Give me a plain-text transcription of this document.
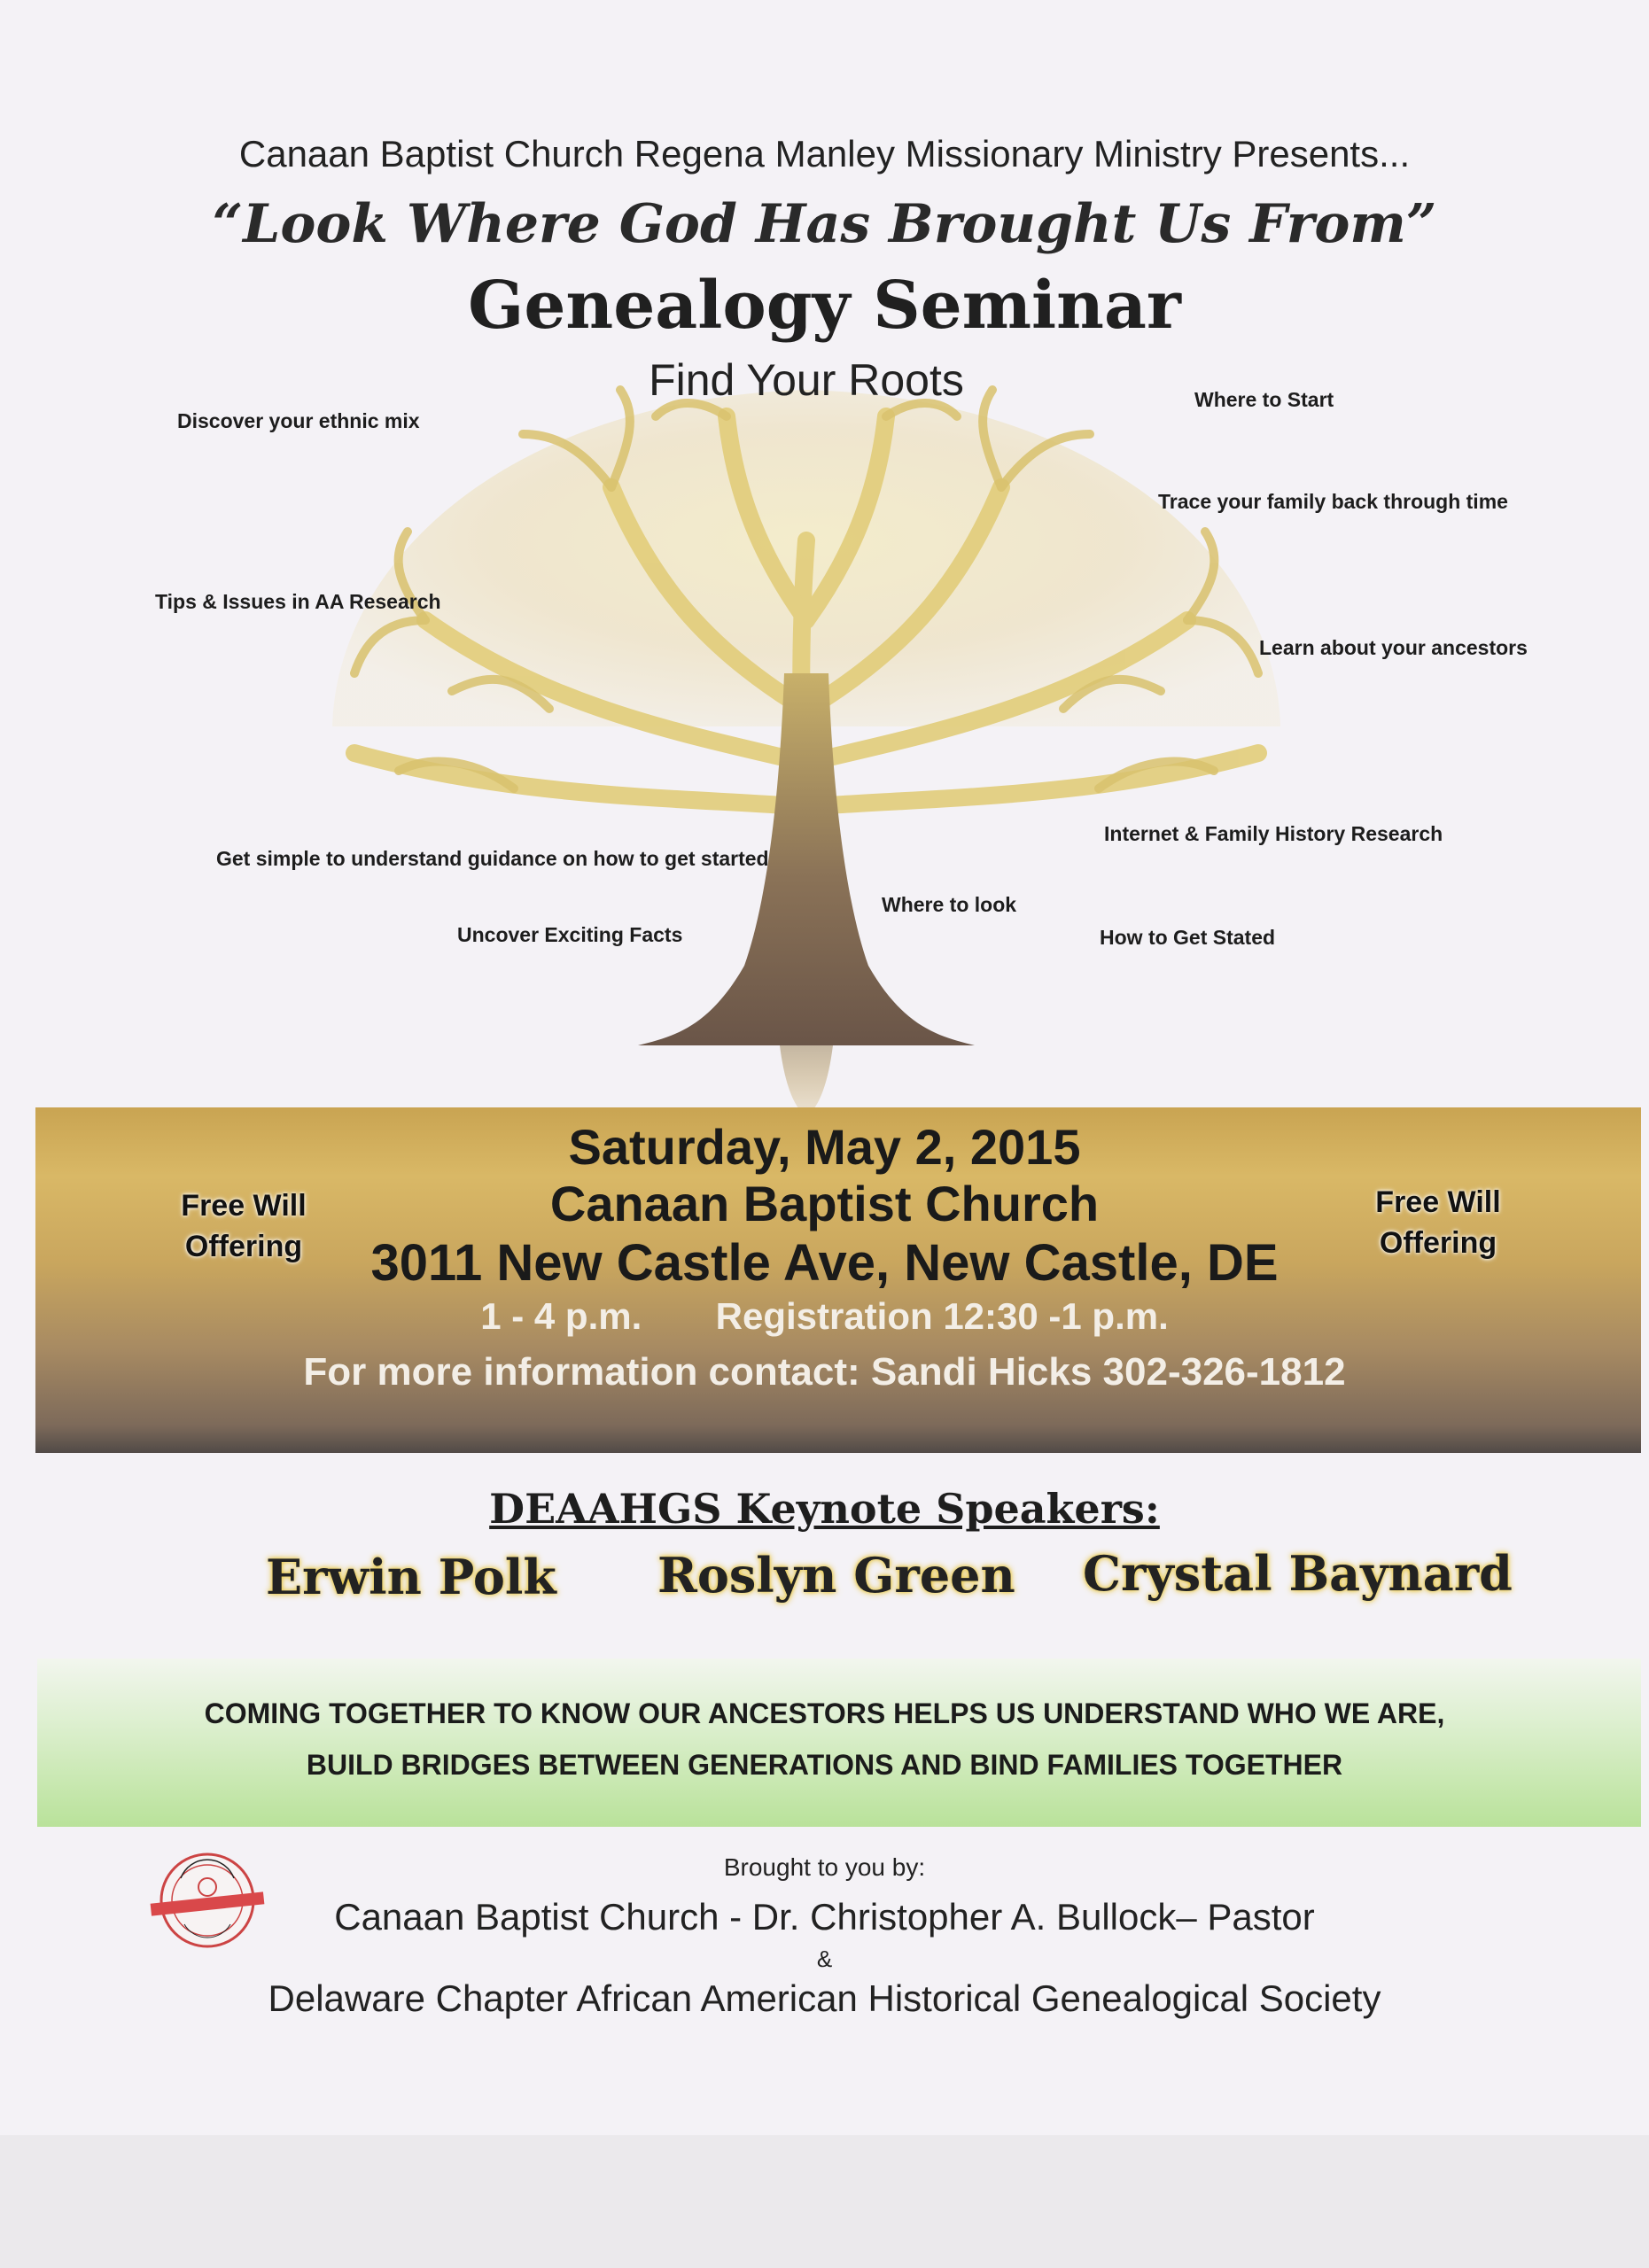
Canaan Baptist Church Regena Manley Missionary Ministry Presents...
“Look Where God Has Brought Us From”
Genealogy Seminar
Find Your Roots
Discover your ethnic mix
Where to Start
Trace your family back through time
Tips & Issues in AA Research
Learn about your ancestors
Internet & Family History Research
Get simple to understand guidance on how to get started
Where to look
Uncover Exciting Facts	How to Get Stated
Saturday, May 2, 2015
Canaan Baptist Church
3011 New Castle Ave, New Castle, DE
1 - 4 p.m. Registration 12:30 -1 p.m.
For more information contact: Sandi Hicks 302-326-1812
Free Will
Offering
Free Will
Offering
DEAAHGS Keynote Speakers:
Erwin Polk Roslyn Green Crystal Baynard
COMING TOGETHER TO KNOW OUR ANCESTORS HELPS US UNDERSTAND WHO WE ARE,
BUILD BRIDGES BETWEEN GENERATIONS AND BIND FAMILIES TOGETHER
Brought to you by:
Canaan Baptist Church - Dr. Christopher A. Bullock– Pastor
&
Delaware Chapter African American Historical Genealogical Society
